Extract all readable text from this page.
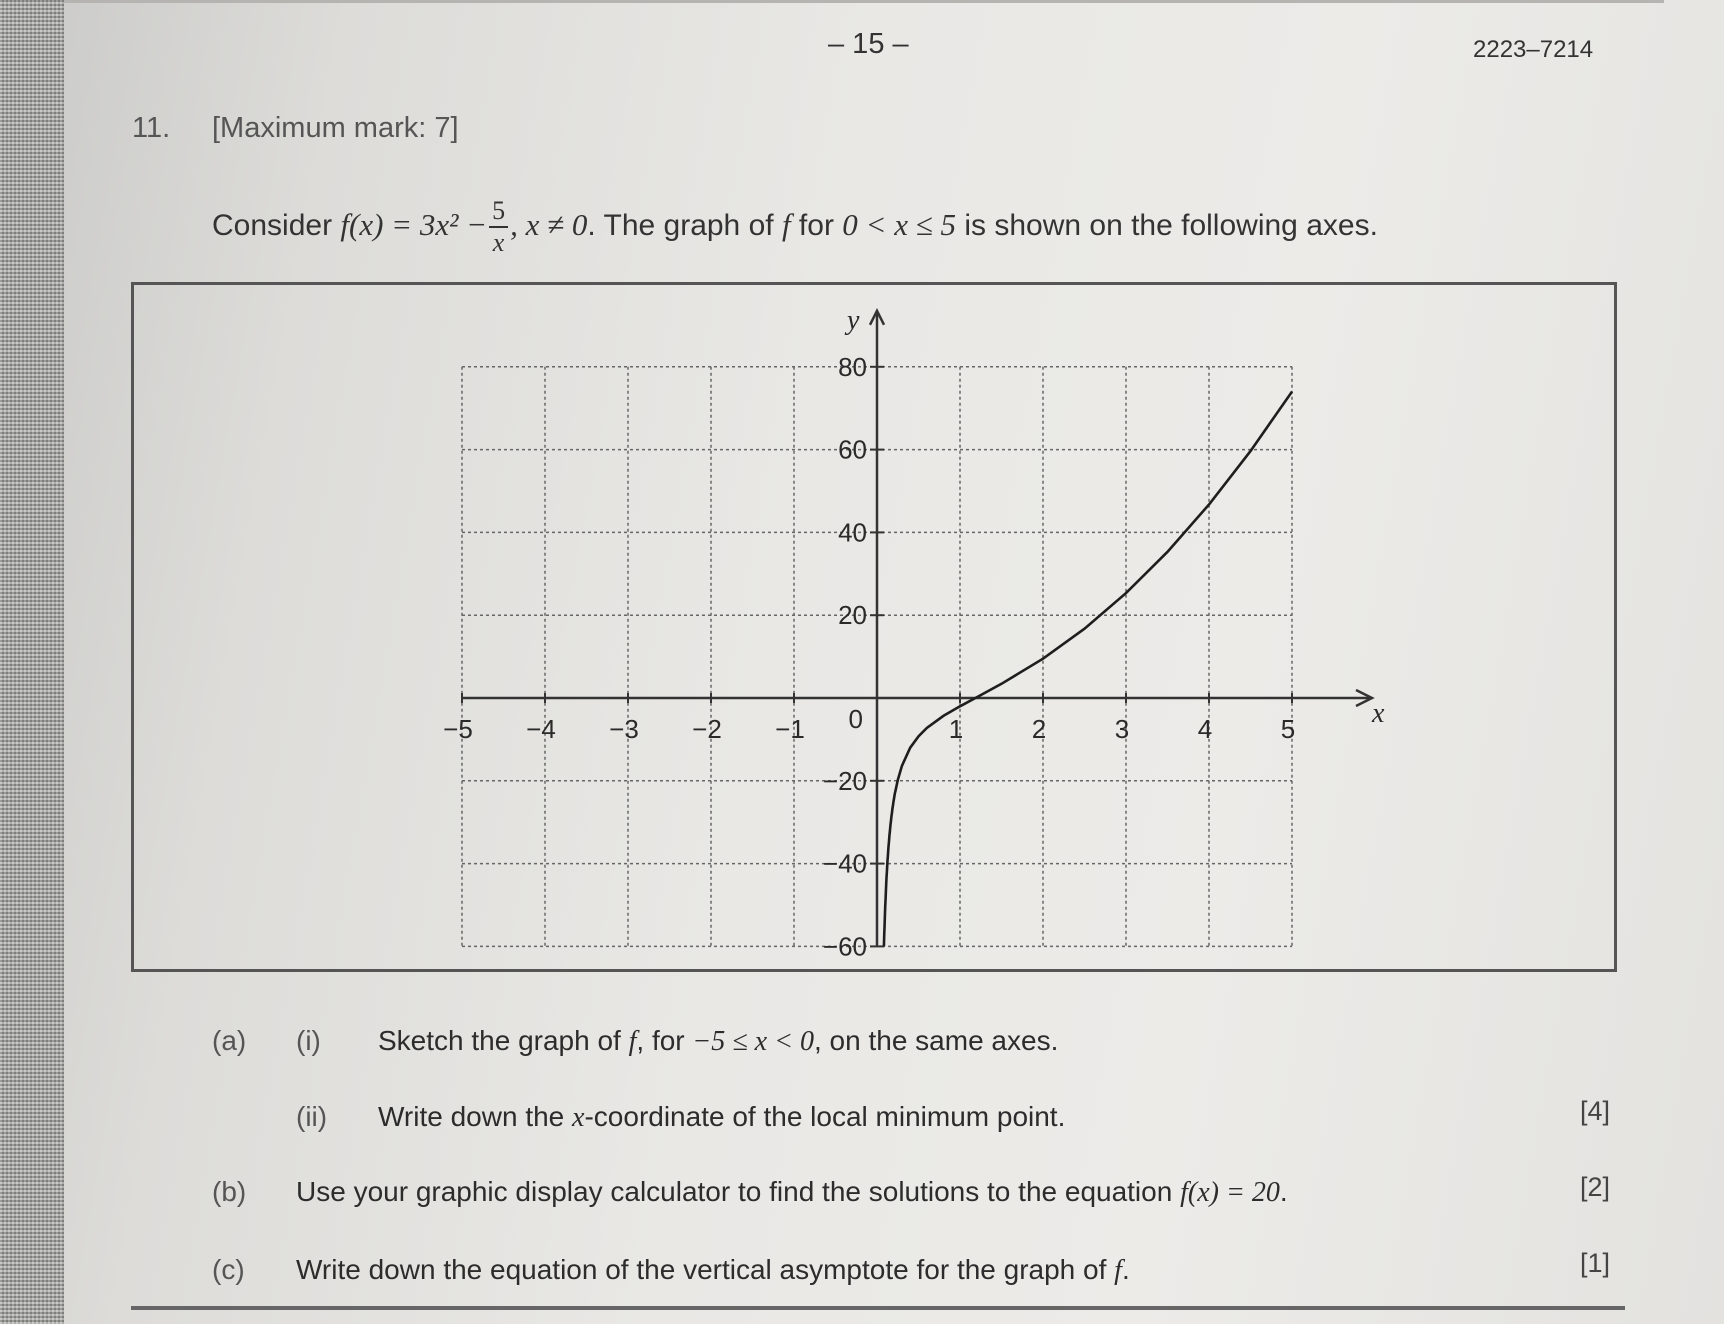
– 15 –	2223–7214
11. [Maximum mark: 7]
Consider $f(x) = 3x^2 - \frac{5}{x}$ , x ≠ 0. The graph of f for 0 < x ≤ 5 is shown on the following axes.
−5 −4 −3 −2 −1	1	2	3	4	5
80
60
40
20
−20
−40
−60
0	x
y
(a) (i) Sketch the graph of f, for −5 ≤ x < 0, on the same axes.
(ii) Write down the x-coordinate of the local minimum point.	[4]
(b) Use your graphic display calculator to find the solutions to the equation f(x) = 20.	[2]
(c) Write down the equation of the vertical asymptote for the graph of f.	[1]
